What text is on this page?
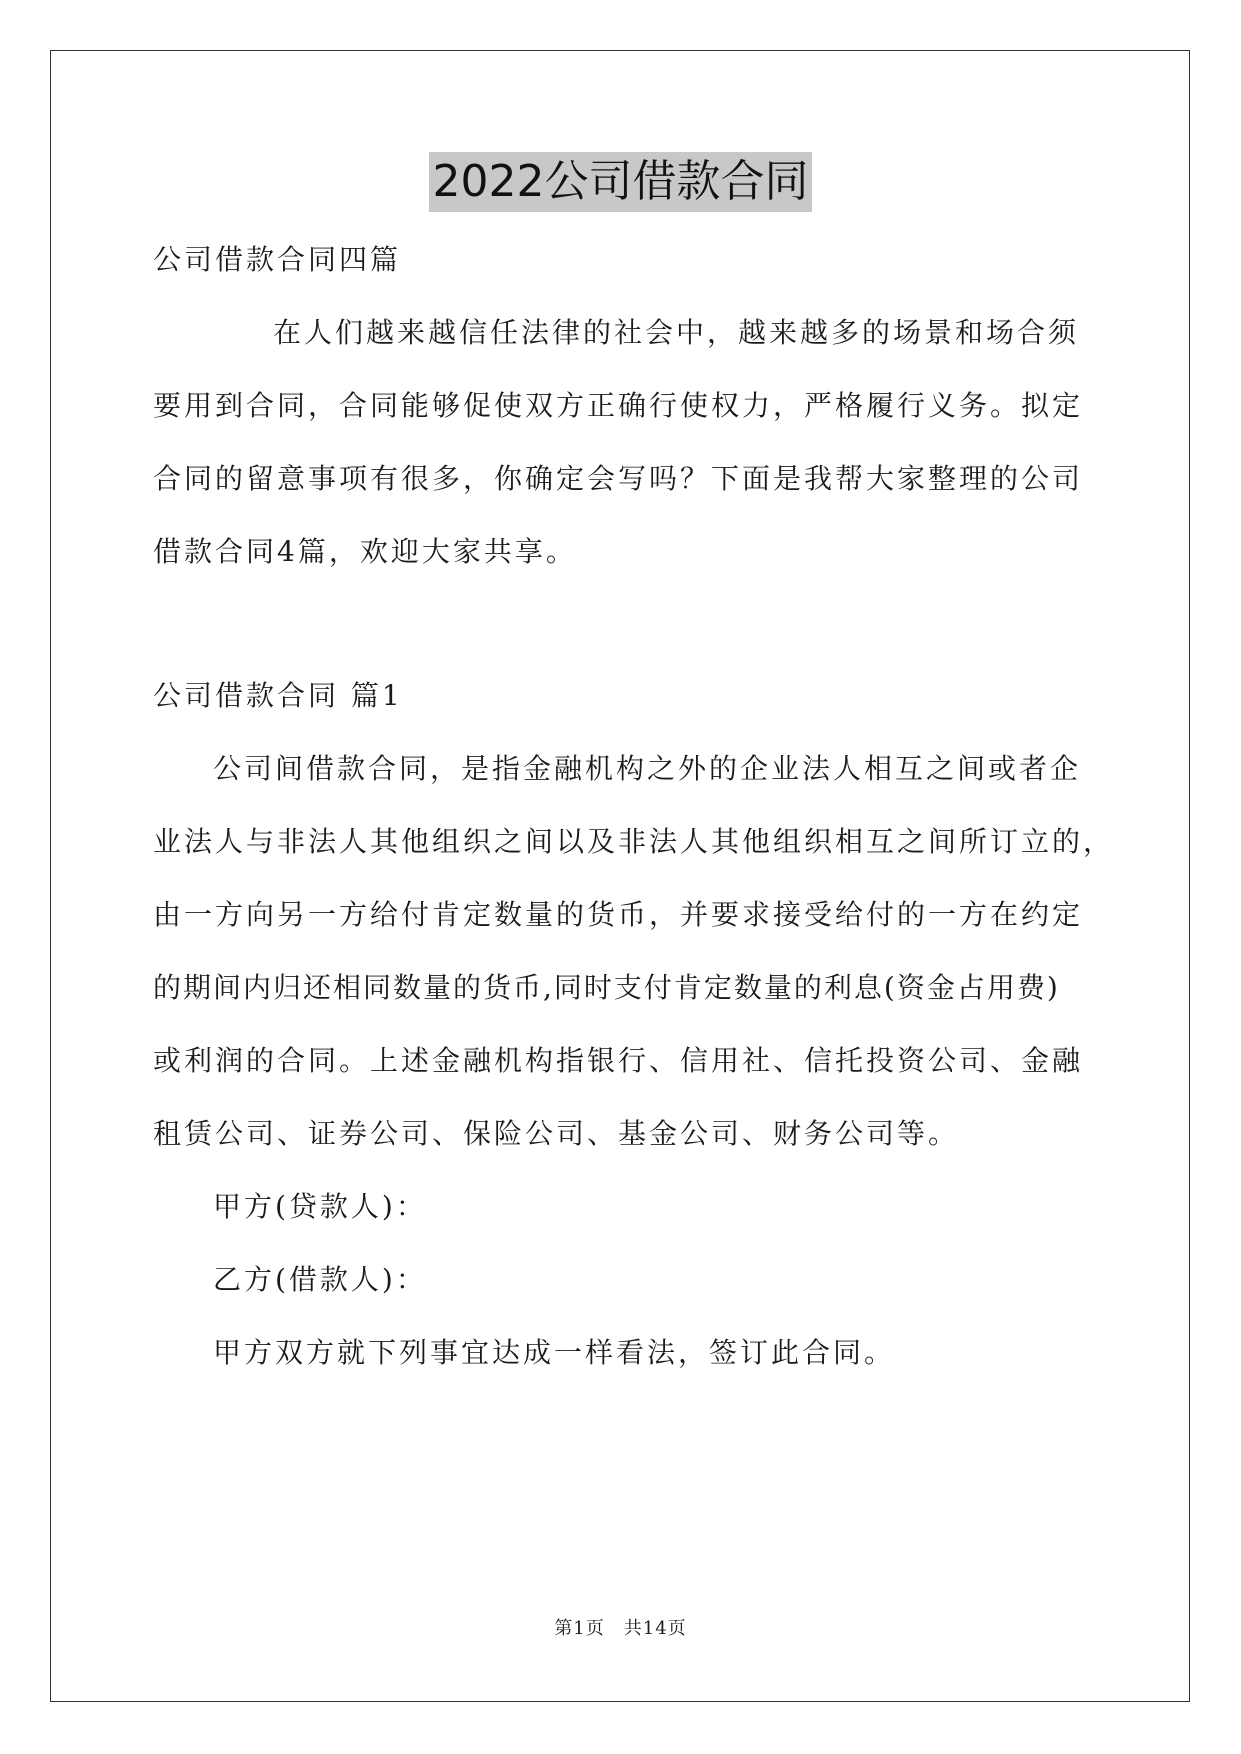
2022公司借款合同
公司借款合同四篇
在人们越来越信任法律的社会中，越来越多的场景和场合须
要用到合同，合同能够促使双方正确行使权力，严格履行义务。拟定
合同的留意事项有很多，你确定会写吗？下面是我帮大家整理的公司
借款合同4篇，欢迎大家共享。
公司借款合同 篇1
公司间借款合同，是指金融机构之外的企业法人相互之间或者企
业法人与非法人其他组织之间以及非法人其他组织相互之间所订立的，
由一方向另一方给付肯定数量的货币，并要求接受给付的一方在约定
的期间内归还相同数量的货币,同时支付肯定数量的利息(资金占用费)
或利润的合同。上述金融机构指银行、信用社、信托投资公司、金融
租赁公司、证券公司、保险公司、基金公司、财务公司等。
甲方(贷款人)：
乙方(借款人)：
甲方双方就下列事宜达成一样看法，签订此合同。
第1页　共14页
